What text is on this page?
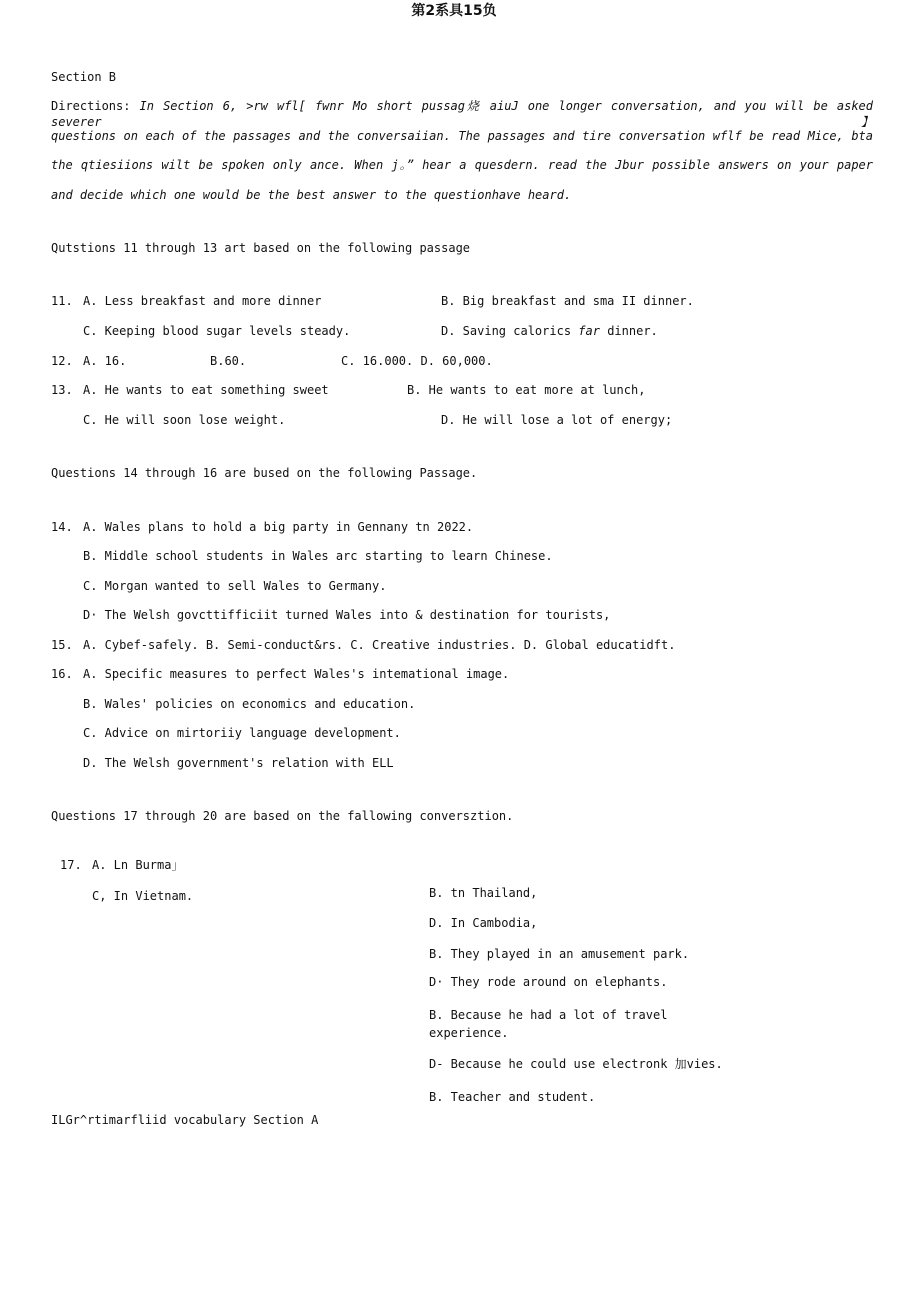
第2系具15负
Section B
Directions: In Section 6, >rw wfl[ fwnr Mo short pussag烧 aiuJ one longer conversation, and you will be asked severer】
questions on each of the passages and the conversaiian. The passages and tire conversation wflf be read Mice, bta
the qtiesiions wilt be spoken only ance. When j。” hear a quesdern. read the Jbur possible answers on your paper
and decide which one would be the best answer to the questionhave heard.
Qutstions 11 through 13 art based on the following passage
11. A. Less breakfast and more dinner	B. Big breakfast and sma II dinner.
C. Keeping blood sugar levels steady.	D. Saving calorics far dinner.
12. A. 16.	B.60.	C. 16.000. D. 60,000.
13. A. He wants to eat something sweet	B. He wants to eat more at lunch,
C. He will soon lose weight.	D. He will lose a lot of energy;
Questions 14 through 16 are bused on the following Passage.
14. A. Wales plans to hold a big party in Gennany tn 2022.
B. Middle school students in Wales arc starting to learn Chinese.
C. Morgan wanted to sell Wales to Germany.
D· The Welsh govcttifficiit turned Wales into & destination for tourists,
15. A. Cybef-safely. B. Semi-conduct&rs. C. Creative industries. D. Global educatidft.
16. A. Specific measures to perfect Wales's intemational image.
B. Wales' policies on economics and education.
C. Advice on mirtoriiy language development.
D. The Welsh government's relation with ELL
Questions 17 through 20 are based on the fallowing conversztion.
17. A. Ln Burma」
C, In Vietnam.	B. tn Thailand,
D. In Cambodia,
B. They played in an amusement park.
D· They rode around on elephants.
B. Because he had a lot of travel
experience.
D- Because he could use electronk 加vies.
B. Teacher and student.
ILGr^rtimarfliid vocabulary Section A
